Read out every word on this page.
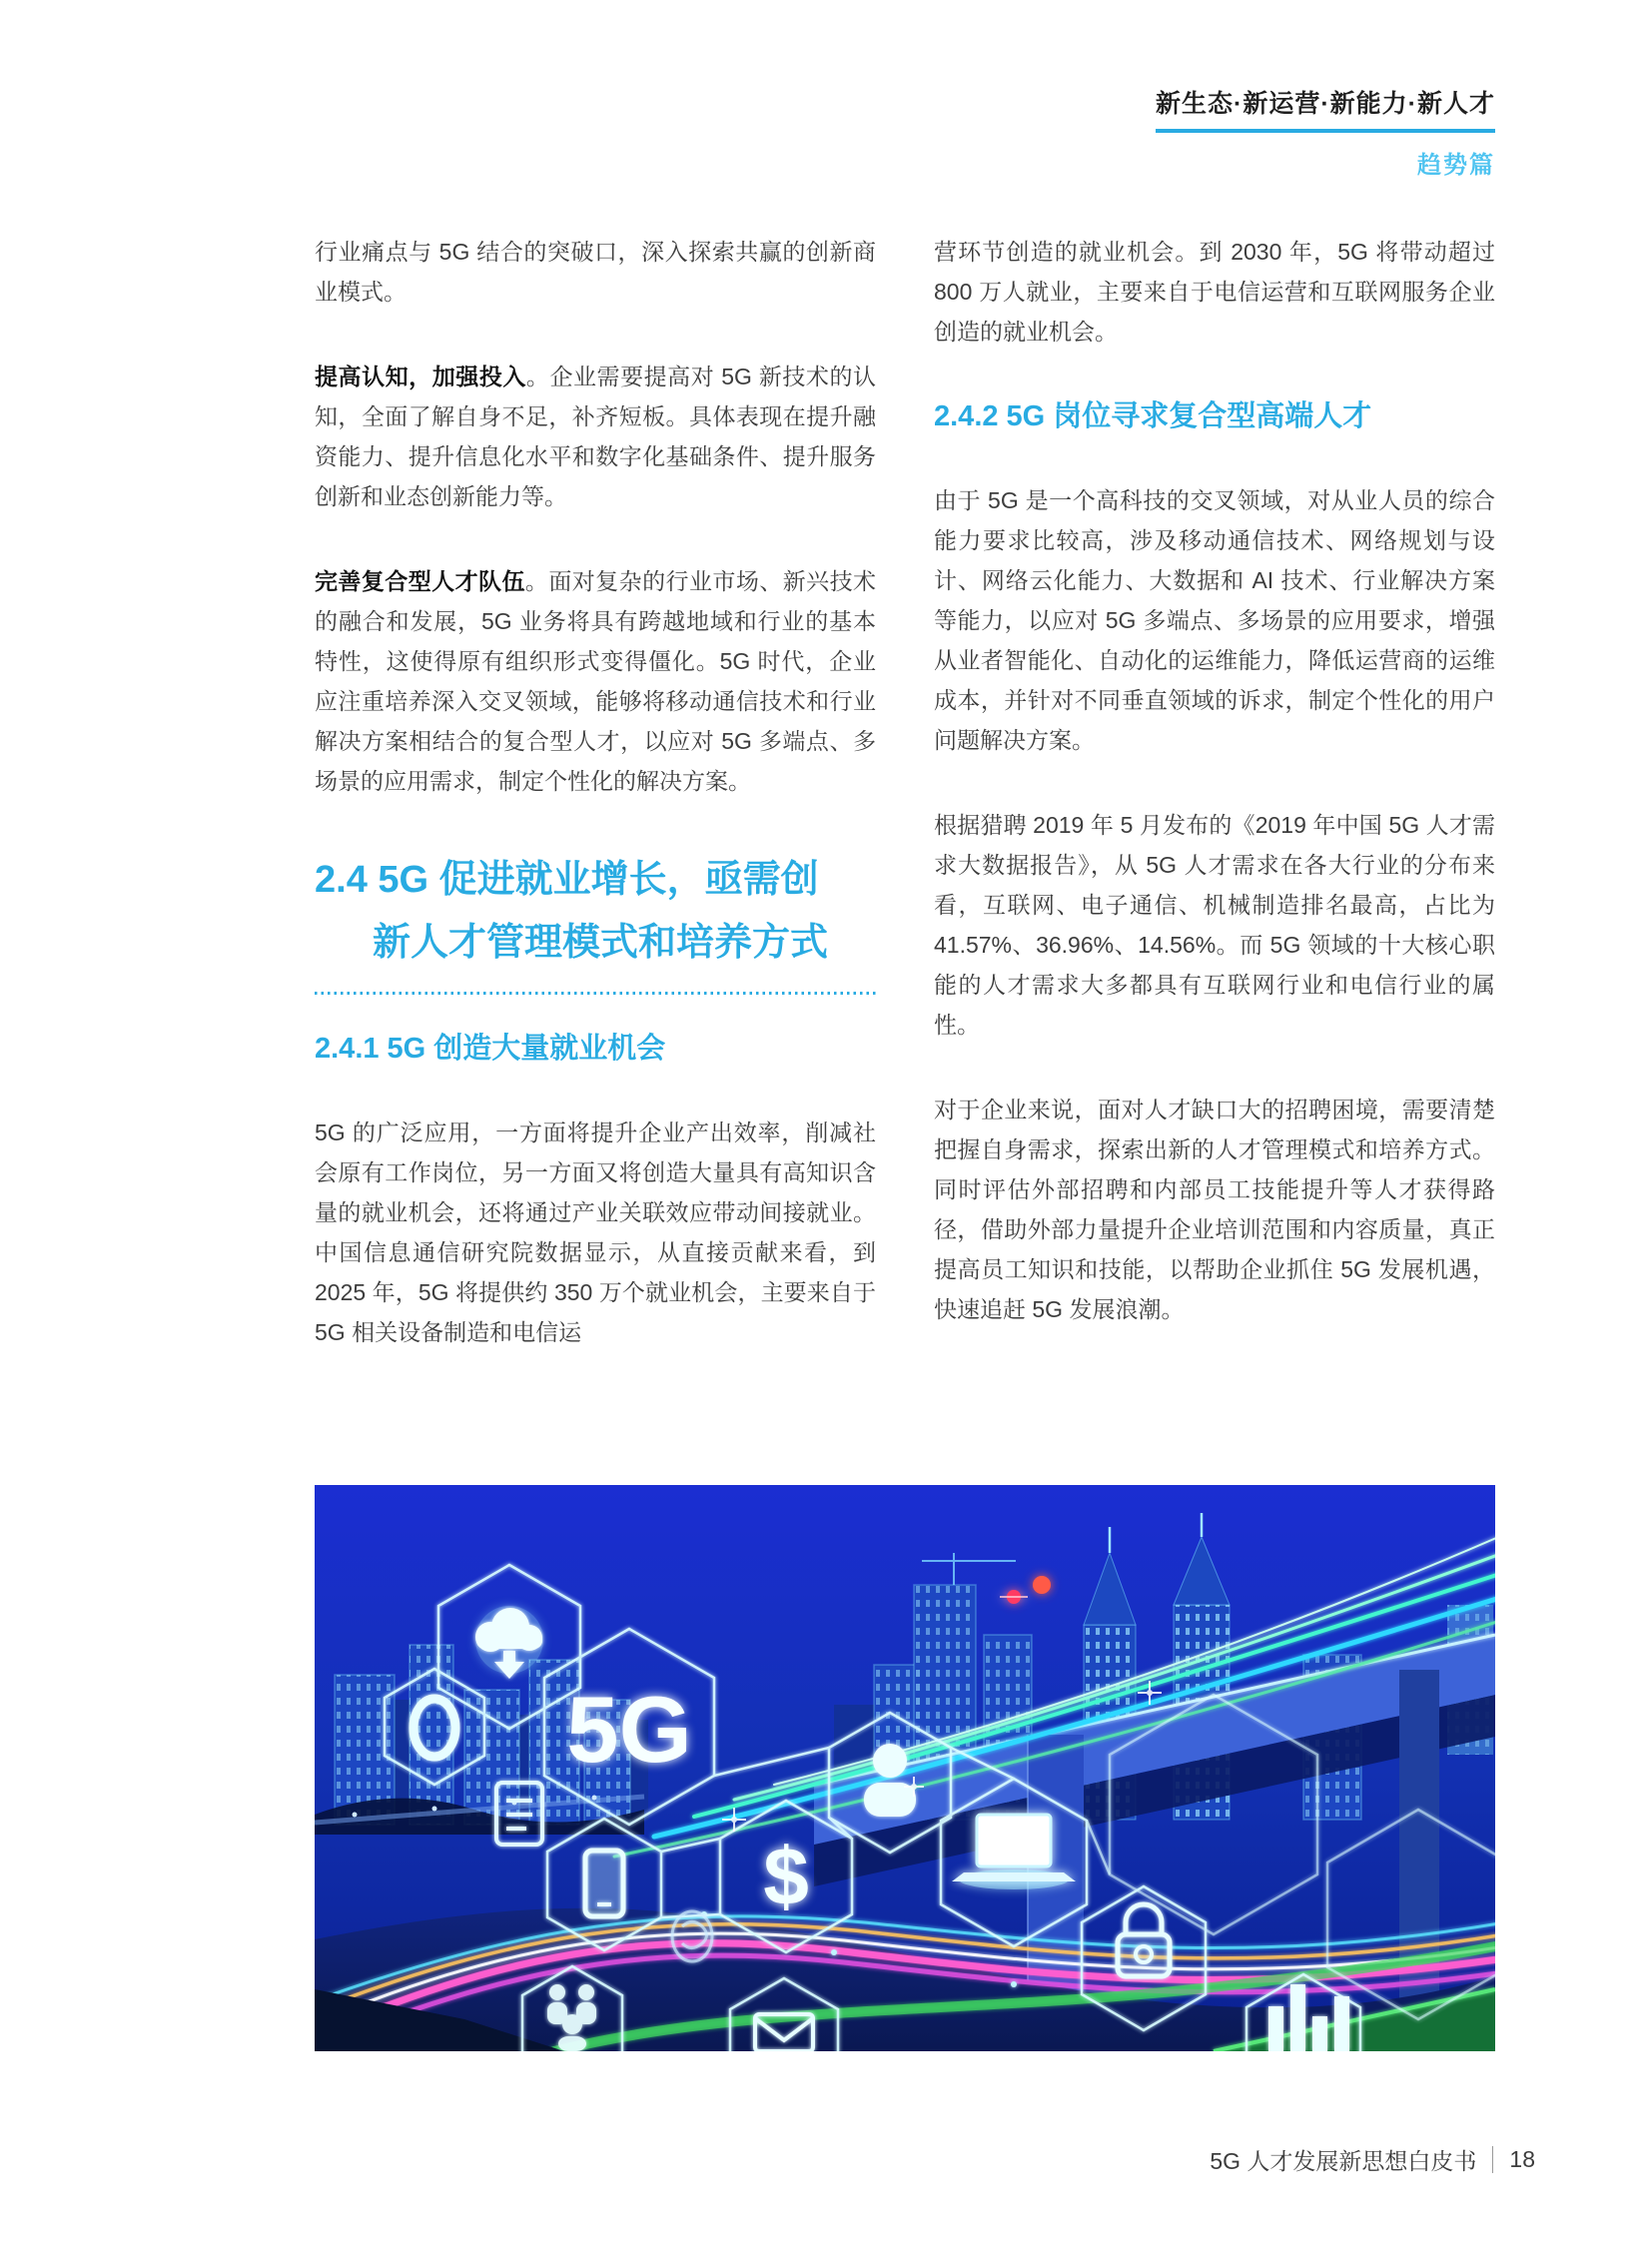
新生态·新运营·新能力·新人才
趋势篇

行业痛点与 5G 结合的突破口，深入探索共赢的创新商业模式。

提高认知，加强投入。企业需要提高对 5G 新技术的认知，全面了解自身不足，补齐短板。具体表现在提升融资能力、提升信息化水平和数字化基础条件、提升服务创新和业态创新能力等。

完善复合型人才队伍。面对复杂的行业市场、新兴技术的融合和发展，5G 业务将具有跨越地域和行业的基本特性，这使得原有组织形式变得僵化。5G 时代，企业应注重培养深入交叉领域，能够将移动通信技术和行业解决方案相结合的复合型人才，以应对 5G 多端点、多场景的应用需求，制定个性化的解决方案。

2.4 5G 促进就业增长，亟需创
新人才管理模式和培养方式
2.4.1 5G 创造大量就业机会

5G 的广泛应用，一方面将提升企业产出效率，削减社会原有工作岗位，另一方面又将创造大量具有高知识含量的就业机会，还将通过产业关联效应带动间接就业。中国信息通信研究院数据显示，从直接贡献来看，到 2025 年，5G 将提供约 350 万个就业机会，主要来自于 5G 相关设备制造和电信运

营环节创造的就业机会。到 2030 年，5G 将带动超过 800 万人就业，主要来自于电信运营和互联网服务企业创造的就业机会。

2.4.2 5G 岗位寻求复合型高端人才

由于 5G 是一个高科技的交叉领域，对从业人员的综合能力要求比较高，涉及移动通信技术、网络规划与设计、网络云化能力、大数据和 AI 技术、行业解决方案等能力，以应对 5G 多端点、多场景的应用要求，增强从业者智能化、自动化的运维能力，降低运营商的运维成本，并针对不同垂直领域的诉求，制定个性化的用户问题解决方案。

根据猎聘 2019 年 5 月发布的《2019 年中国 5G 人才需求大数据报告》，从 5G 人才需求在各大行业的分布来看，互联网、电子通信、机械制造排名最高，占比为 41.57%、36.96%、14.56%。而 5G 领域的十大核心职能的人才需求大多都具有互联网行业和电信行业的属性。

对于企业来说，面对人才缺口大的招聘困境，需要清楚把握自身需求，探索出新的人才管理模式和培养方式。同时评估外部招聘和内部员工技能提升等人才获得路径，借助外部力量提升企业培训范围和内容质量，真正提高员工知识和技能，以帮助企业抓住 5G 发展机遇，快速追赶 5G 发展浪潮。

5G
$
5G 人才发展新思想白皮书 18
